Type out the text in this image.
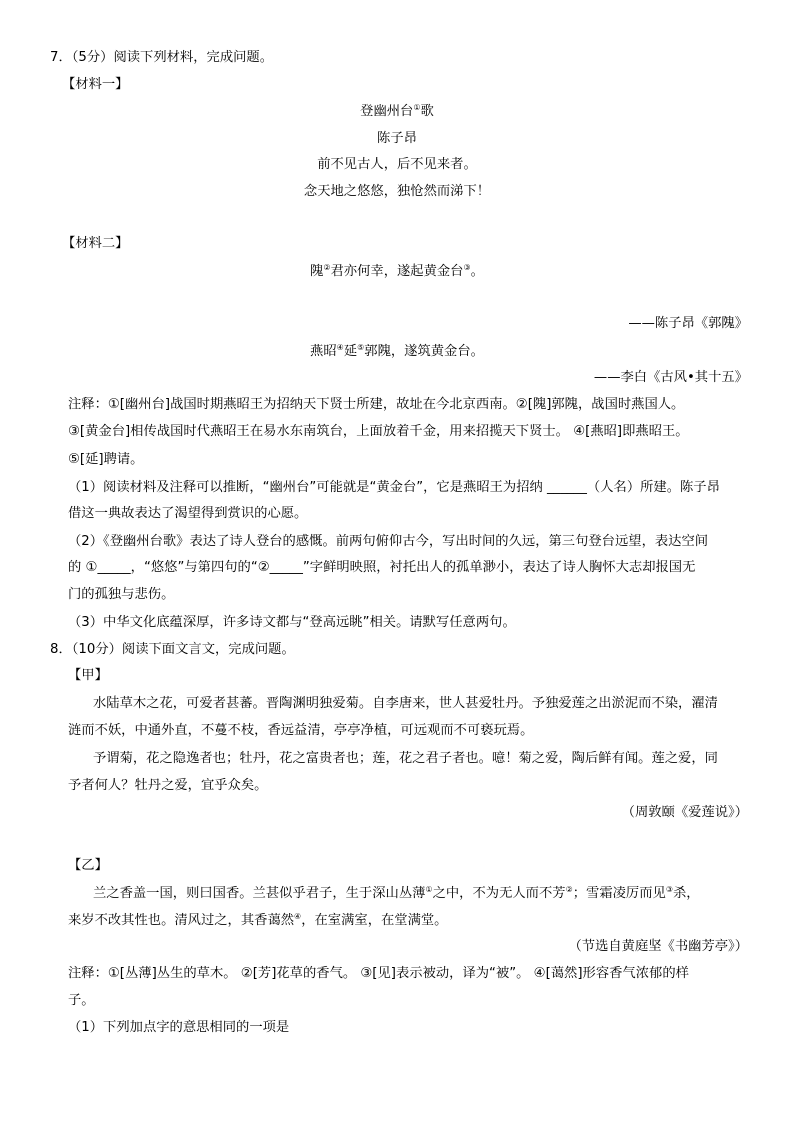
7．（5分）阅读下列材料，完成问题。
【材料一】
登幽州台①歌
陈子昂
前不见古人，后不见来者。
念天地之悠悠，独怆然而涕下！
【材料二】
隗②君亦何幸，遂起黄金台③。
——陈子昂《郭隗》
燕昭④延⑤郭隗，遂筑黄金台。
——李白《古风•其十五》
注释：①[幽州台]战国时期燕昭王为招纳天下贤士所建，故址在今北京西南。②[隗]郭隗，战国时燕国人。
③[黄金台]相传战国时代燕昭王在易水东南筑台，上面放着千金，用来招揽天下贤士。 ④[燕昭]即燕昭王。
⑤[延]聘请。
（1）阅读材料及注释可以推断，“幽州台”可能就是“黄金台”，它是燕昭王为招纳 ______（人名）所建。陈子昂
借这一典故表达了渴望得到赏识的心愿。
（2）《登幽州台歌》表达了诗人登台的感慨。前两句俯仰古今，写出时间的久远，第三句登台远望，表达空间
的 ①_____，“悠悠”与第四句的“②_____”字鲜明映照，衬托出人的孤单渺小，表达了诗人胸怀大志却报国无
门的孤独与悲伤。
（3）中华文化底蕴深厚，许多诗文都与“登高远眺”相关。请默写任意两句。
8．（10分）阅读下面文言文，完成问题。
【甲】
水陆草木之花，可爱者甚蕃。晋陶渊明独爱菊。自李唐来，世人甚爱牡丹。予独爱莲之出淤泥而不染，濯清
涟而不妖，中通外直，不蔓不枝，香远益清，亭亭净植，可远观而不可亵玩焉。
予谓菊，花之隐逸者也；牡丹，花之富贵者也；莲，花之君子者也。噫！菊之爱，陶后鲜有闻。莲之爱，同
予者何人？牡丹之爱，宜乎众矣。
（周敦颐《爱莲说》）
【乙】
兰之香盖一国，则曰国香。兰甚似乎君子，生于深山丛薄①之中，不为无人而不芳②；雪霜凌厉而见③杀，
来岁不改其性也。清风过之，其香蔼然④，在室满室，在堂满堂。
（节选自黄庭坚《书幽芳亭》）
注释：①[丛薄]丛生的草木。 ②[芳]花草的香气。 ③[见]表示被动，译为“被”。 ④[蔼然]形容香气浓郁的样
子。
（1）下列加点字的意思相同的一项是
